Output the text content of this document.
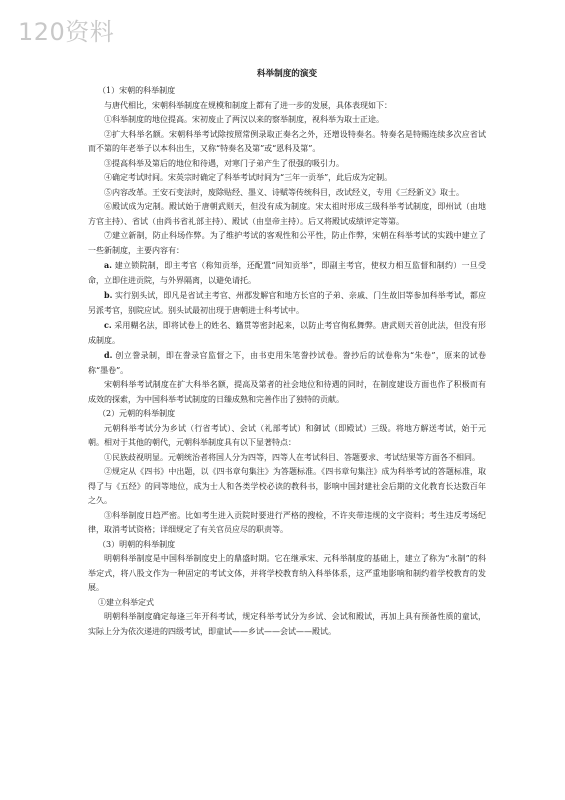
120资料
科举制度的演变
（1）宋朝的科举制度

与唐代相比，宋朝科举制度在规模和制度上都有了进一步的发展，具体表现如下：

①科举制度的地位提高。宋初废止了两汉以来的察举制度，视科举为取士正途。

②扩大科举名额。宋朝科举考试除按照常例录取正奏名之外，还增设特奏名。特奏名是特赐连续多次应省试而不第的年老举子以本科出生，又称“特奏名及第”或“恩科及第”。

③提高科举及第后的地位和待遇，对寒门子弟产生了很强的吸引力。

④确定考试时间。宋英宗时确定了科举考试时间为“三年一贡举”，此后成为定制。

⑤内容改革。王安石变法时，废除贴经、墨义、诗赋等传统科目，改试经义，专用《三经新义》取士。

⑥殿试成为定制。殿试始于唐朝武则天，但没有成为制度。宋太祖时形成三级科举考试制度，即州试（由地方官主持）、省试（由尚书省礼部主持）、殿试（由皇帝主持）。后又将殿试成绩评定等第。

⑦建立新制，防止科场作弊。为了维护考试的客观性和公平性，防止作弊，宋朝在科举考试的实践中建立了一些新制度，主要内容有：

a. 建立锁院制，即主考官（称知贡举，还配置“同知贡举”，即副主考官，使权力相互监督和制约）一旦受命，立即住进贡院，与外界隔离，以避免请托。

b. 实行别头试，即凡是省试主考官、州郡发解官和地方长官的子弟、亲戚、门生故旧等参加科举考试，都应另派考官，别院应试。别头试最初出现于唐朝进士科考试中。

c. 采用糊名法，即将试卷上的姓名、籍贯等密封起来，以防止考官徇私舞弊。唐武则天首创此法，但没有形成制度。

d. 创立誊录制，即在誊录官监督之下，由书吏用朱笔誊抄试卷。誊抄后的试卷称为“朱卷”，原来的试卷称“墨卷”。

宋朝科举考试制度在扩大科举名额，提高及第者的社会地位和待遇的同时，在制度建设方面也作了积极而有成效的探索，为中国科举考试制度的日臻成熟和完善作出了独特的贡献。

（2）元朝的科举制度

元朝科举考试分为乡试（行省考试）、会试（礼部考试）和御试（即殿试）三级。将地方解送考试，始于元朝。相对于其他的朝代，元朝科举制度具有以下显著特点：

①民族歧视明显。元朝统治者将国人分为四等，四等人在考试科目、答题要求、考试结果等方面各不相同。

②规定从《四书》中出题，以《四书章句集注》为答题标准。《四书章句集注》成为科举考试的答题标准，取得了与《五经》的同等地位，成为士人和各类学校必读的教科书，影响中国封建社会后期的文化教育长达数百年之久。

③科举制度日趋严密。比如考生进入贡院时要进行严格的搜检，不许夹带违规的文字资料；考生违反考场纪律，取消考试资格；详细规定了有关官员应尽的职责等。

（3）明朝的科举制度

明朝科举制度是中国科举制度史上的鼎盛时期。它在继承宋、元科举制度的基础上，建立了称为“永制”的科举定式，将八股文作为一种固定的考试文体，并将学校教育纳入科举体系，这严重地影响和制约着学校教育的发展。

①建立科举定式

明朝科举制度确定每逢三年开科考试，规定科举考试分为乡试、会试和殿试，再加上具有预备性质的童试，实际上分为依次递进的四级考试，即童试——乡试——会试——殿试。
